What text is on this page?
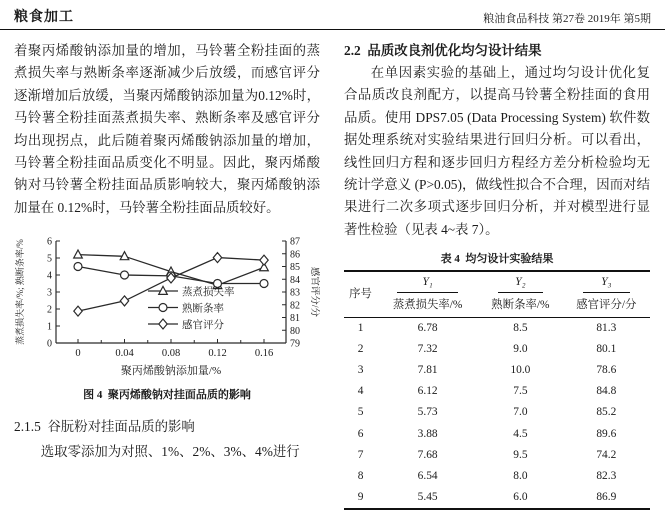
粮食加工	粮油食品科技 第27卷 2019年 第5期
着聚丙烯酸钠添加量的增加，马铃薯全粉挂面的蒸煮损失率与熟断条率逐渐减少后放缓，而感官评分逐渐增加后放缓，当聚丙烯酸钠添加量为0.12%时，马铃薯全粉挂面蒸煮损失率、熟断条率及感官评分均出现拐点，此后随着聚丙烯酸钠添加量的增加，马铃薯全粉挂面品质变化不明显。因此，聚丙烯酸钠对马铃薯全粉挂面品质影响较大，聚丙烯酸钠添加量在 0.12%时，马铃薯全粉挂面品质较好。
0
1
2
3
4
5
6
79
80
81
82
83
84
85
86
87
0	0.04	0.08	0.12	0.16
蒸煮损失率/%; 熟断条率/%	感官评分/分
聚丙烯酸钠添加量/%
蒸煮损失率
熟断条率
感官评分
图 4  聚丙烯酸钠对挂面品质的影响
2.1.5  谷朊粉对挂面品质的影响
选取零添加为对照、1%、2%、3%、4%进行
2.2  品质改良剂优化均匀设计结果
在单因素实验的基础上，通过均匀设计优化复合品质改良剂配方，以提高马铃薯全粉挂面的食用品质。使用 DPS7.05 (Data Processing System) 软件数据处理系统对实验结果进行回归分析。可以看出，线性回归方程和逐步回归方程经方差分析检验均无统计学意义 (P>0.05)，做线性拟合不合理，因而对结果进行二次多项式逐步回归分析，并对模型进行显著性检验（见表 4~表 7）。
表 4  均匀设计实验结果
序号	Y₁	Y₂	Y₃

	蒸煮损失率/%	熟断条率/%	感官评分/分
1	6.78	8.5	81.3
2	7.32	9.0	80.1
3	7.81	10.0	78.6
4	6.12	7.5	84.8
5	5.73	7.0	85.2
6	3.88	4.5	89.6
7	7.68	9.5	74.2
8	6.54	8.0	82.3
9	5.45	6.0	86.9
